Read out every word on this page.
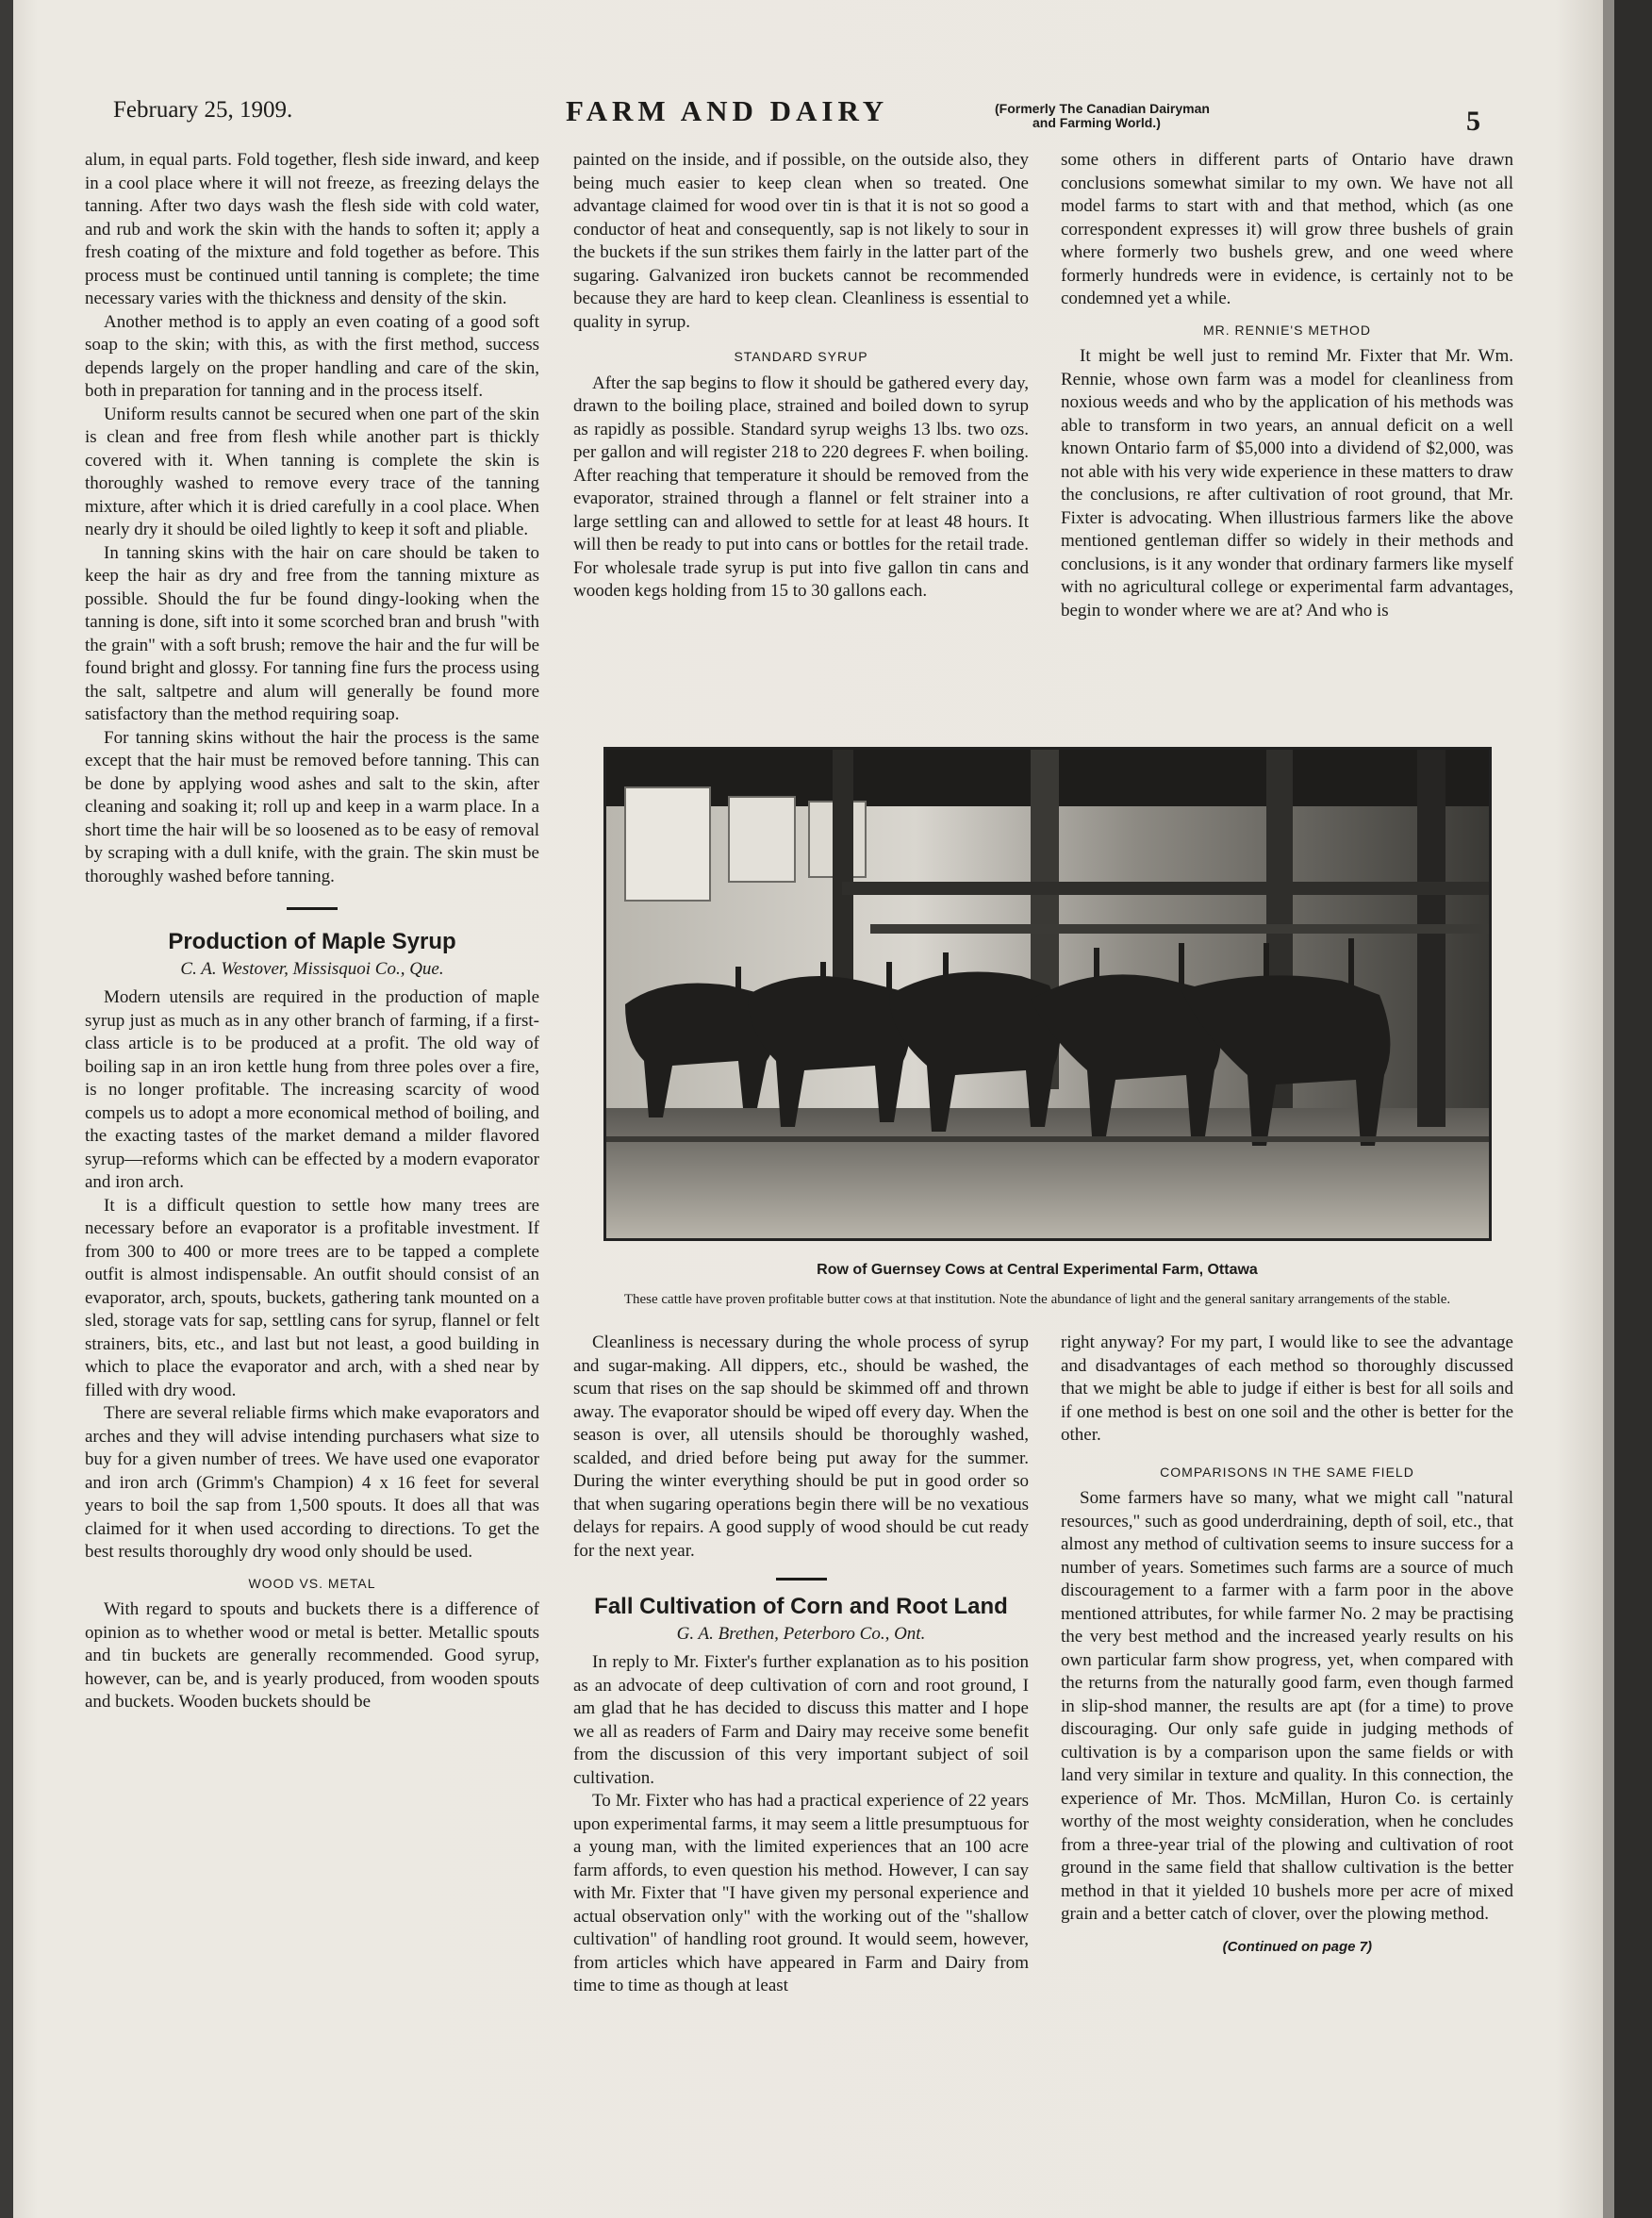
February 25, 1909.	FARM AND DAIRY	(Formerly The Canadian Dairyman
and Farming World.)	5

alum, in equal parts. Fold together, flesh side inward, and keep in a cool place where it will not freeze, as freezing delays the tanning. After two days wash the flesh side with cold water, and rub and work the skin with the hands to soften it; apply a fresh coating of the mixture and fold together as before. This process must be continued until tanning is complete; the time necessary varies with the thickness and density of the skin.

Another method is to apply an even coating of a good soft soap to the skin; with this, as with the first method, success depends largely on the proper handling and care of the skin, both in preparation for tanning and in the process itself.

Uniform results cannot be secured when one part of the skin is clean and free from flesh while another part is thickly covered with it. When tanning is complete the skin is thoroughly washed to remove every trace of the tanning mixture, after which it is dried carefully in a cool place. When nearly dry it should be oiled lightly to keep it soft and pliable.

In tanning skins with the hair on care should be taken to keep the hair as dry and free from the tanning mixture as possible. Should the fur be found dingy-looking when the tanning is done, sift into it some scorched bran and brush "with the grain" with a soft brush; remove the hair and the fur will be found bright and glossy. For tanning fine furs the process using the salt, saltpetre and alum will generally be found more satisfactory than the method requiring soap.

For tanning skins without the hair the process is the same except that the hair must be removed before tanning. This can be done by applying wood ashes and salt to the skin, after cleaning and soaking it; roll up and keep in a warm place. In a short time the hair will be so loosened as to be easy of removal by scraping with a dull knife, with the grain. The skin must be thoroughly washed before tanning.

Production of Maple Syrup
C. A. Westover, Missisquoi Co., Que.

Modern utensils are required in the production of maple syrup just as much as in any other branch of farming, if a first-class article is to be produced at a profit. The old way of boiling sap in an iron kettle hung from three poles over a fire, is no longer profitable. The increasing scarcity of wood compels us to adopt a more economical method of boiling, and the exacting tastes of the market demand a milder flavored syrup—reforms which can be effected by a modern evaporator and iron arch.

It is a difficult question to settle how many trees are necessary before an evaporator is a profitable investment. If from 300 to 400 or more trees are to be tapped a complete outfit is almost indispensable. An outfit should consist of an evaporator, arch, spouts, buckets, gathering tank mounted on a sled, storage vats for sap, settling cans for syrup, flannel or felt strainers, bits, etc., and last but not least, a good building in which to place the evaporator and arch, with a shed near by filled with dry wood.

There are several reliable firms which make evaporators and arches and they will advise intending purchasers what size to buy for a given number of trees. We have used one evaporator and iron arch (Grimm's Champion) 4 x 16 feet for several years to boil the sap from 1,500 spouts. It does all that was claimed for it when used according to directions. To get the best results thoroughly dry wood only should be used.

WOOD VS. METAL

With regard to spouts and buckets there is a difference of opinion as to whether wood or metal is better. Metallic spouts and tin buckets are generally recommended. Good syrup, however, can be, and is yearly produced, from wooden spouts and buckets. Wooden buckets should be

painted on the inside, and if possible, on the outside also, they being much easier to keep clean when so treated. One advantage claimed for wood over tin is that it is not so good a conductor of heat and consequently, sap is not likely to sour in the buckets if the sun strikes them fairly in the latter part of the sugaring. Galvanized iron buckets cannot be recommended because they are hard to keep clean. Cleanliness is essential to quality in syrup.

STANDARD SYRUP

After the sap begins to flow it should be gathered every day, drawn to the boiling place, strained and boiled down to syrup as rapidly as possible. Standard syrup weighs 13 lbs. two ozs. per gallon and will register 218 to 220 degrees F. when boiling. After reaching that temperature it should be removed from the evaporator, strained through a flannel or felt strainer into a large settling can and allowed to settle for at least 48 hours. It will then be ready to put into cans or bottles for the retail trade. For wholesale trade syrup is put into five gallon tin cans and wooden kegs holding from 15 to 30 gallons each.

some others in different parts of Ontario have drawn conclusions somewhat similar to my own. We have not all model farms to start with and that method, which (as one correspondent expresses it) will grow three bushels of grain where formerly two bushels grew, and one weed where formerly hundreds were in evidence, is certainly not to be condemned yet a while.

MR. RENNIE'S METHOD

It might be well just to remind Mr. Fixter that Mr. Wm. Rennie, whose own farm was a model for cleanliness from noxious weeds and who by the application of his methods was able to transform in two years, an annual deficit on a well known Ontario farm of $5,000 into a dividend of $2,000, was not able with his very wide experience in these matters to draw the conclusions, re after cultivation of root ground, that Mr. Fixter is advocating. When illustrious farmers like the above mentioned gentleman differ so widely in their methods and conclusions, is it any wonder that ordinary farmers like myself with no agricultural college or experimental farm advantages, begin to wonder where we are at? And who is

Row of Guernsey Cows at Central Experimental Farm, Ottawa
These cattle have proven profitable butter cows at that institution. Note the abundance of light and the general sanitary arrangements of the stable.

Cleanliness is necessary during the whole process of syrup and sugar-making. All dippers, etc., should be washed, the scum that rises on the sap should be skimmed off and thrown away. The evaporator should be wiped off every day. When the season is over, all utensils should be thoroughly washed, scalded, and dried before being put away for the summer. During the winter everything should be put in good order so that when sugaring operations begin there will be no vexatious delays for repairs. A good supply of wood should be cut ready for the next year.

Fall Cultivation of Corn and Root Land
G. A. Brethen, Peterboro Co., Ont.

In reply to Mr. Fixter's further explanation as to his position as an advocate of deep cultivation of corn and root ground, I am glad that he has decided to discuss this matter and I hope we all as readers of Farm and Dairy may receive some benefit from the discussion of this very important subject of soil cultivation.

To Mr. Fixter who has had a practical experience of 22 years upon experimental farms, it may seem a little presumptuous for a young man, with the limited experiences that an 100 acre farm affords, to even question his method. However, I can say with Mr. Fixter that "I have given my personal experience and actual observation only" with the working out of the "shallow cultivation" of handling root ground. It would seem, however, from articles which have appeared in Farm and Dairy from time to time as though at least

right anyway? For my part, I would like to see the advantage and disadvantages of each method so thoroughly discussed that we might be able to judge if either is best for all soils and if one method is best on one soil and the other is better for the other.

COMPARISONS IN THE SAME FIELD

Some farmers have so many, what we might call "natural resources," such as good underdraining, depth of soil, etc., that almost any method of cultivation seems to insure success for a number of years. Sometimes such farms are a source of much discouragement to a farmer with a farm poor in the above mentioned attributes, for while farmer No. 2 may be practising the very best method and the increased yearly results on his own particular farm show progress, yet, when compared with the returns from the naturally good farm, even though farmed in slip-shod manner, the results are apt (for a time) to prove discouraging. Our only safe guide in judging methods of cultivation is by a comparison upon the same fields or with land very similar in texture and quality. In this connection, the experience of Mr. Thos. McMillan, Huron Co. is certainly worthy of the most weighty consideration, when he concludes from a three-year trial of the plowing and cultivation of root ground in the same field that shallow cultivation is the better method in that it yielded 10 bushels more per acre of mixed grain and a better catch of clover, over the plowing method.

(Continued on page 7)
